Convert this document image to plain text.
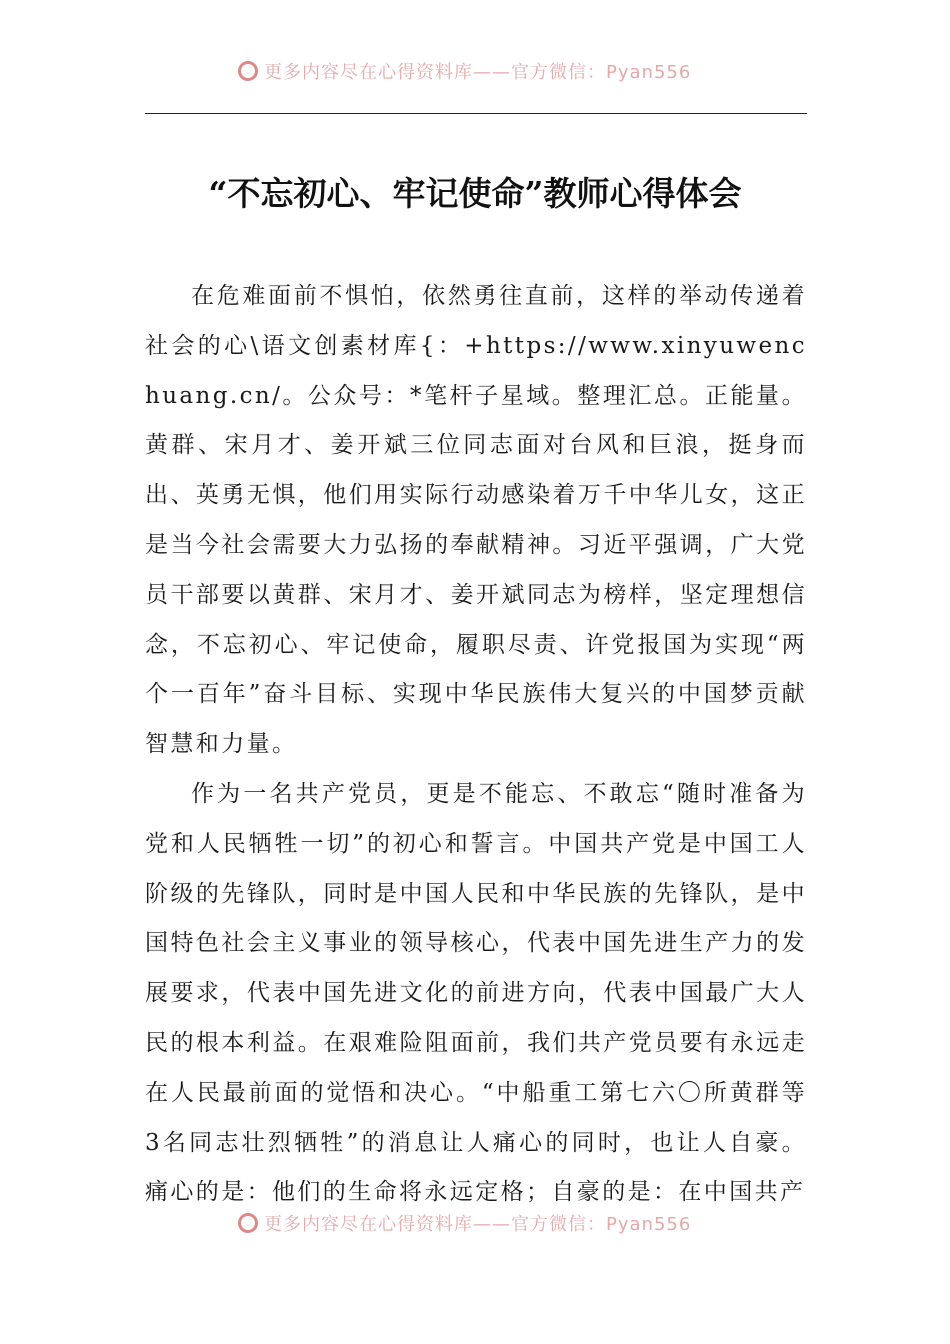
更多内容尽在心得资料库——官方微信：Pyan556
“不忘初心、牢记使命”教师心得体会

在危难面前不惧怕，依然勇往直前，这样的举动传递着社会的心\语文创素材库{：+https://www.xinyuwenchuang.cn/。公众号：*笔杆子星域。整理汇总。正能量。黄群、宋月才、姜开斌三位同志面对台风和巨浪，挺身而出、英勇无惧，他们用实际行动感染着万千中华儿女，这正是当今社会需要大力弘扬的奉献精神。习近平强调，广大党员干部要以黄群、宋月才、姜开斌同志为榜样，坚定理想信念，不忘初心、牢记使命，履职尽责、许党报国为实现“两个一百年”奋斗目标、实现中华民族伟大复兴的中国梦贡献智慧和力量。

作为一名共产党员，更是不能忘、不敢忘“随时准备为党和人民牺牲一切”的初心和誓言。中国共产党是中国工人阶级的先锋队，同时是中国人民和中华民族的先锋队，是中国特色社会主义事业的领导核心，代表中国先进生产力的发展要求，代表中国先进文化的前进方向，代表中国最广大人民的根本利益。在艰难险阻面前，我们共产党员要有永远走在人民最前面的觉悟和决心。“中船重工第七六〇所黄群等3名同志壮烈牺牲”的消息让人痛心的同时，也让人自豪。痛心的是：他们的生命将永远定格；自豪的是：在中国共产

更多内容尽在心得资料库——官方微信：Pyan556
